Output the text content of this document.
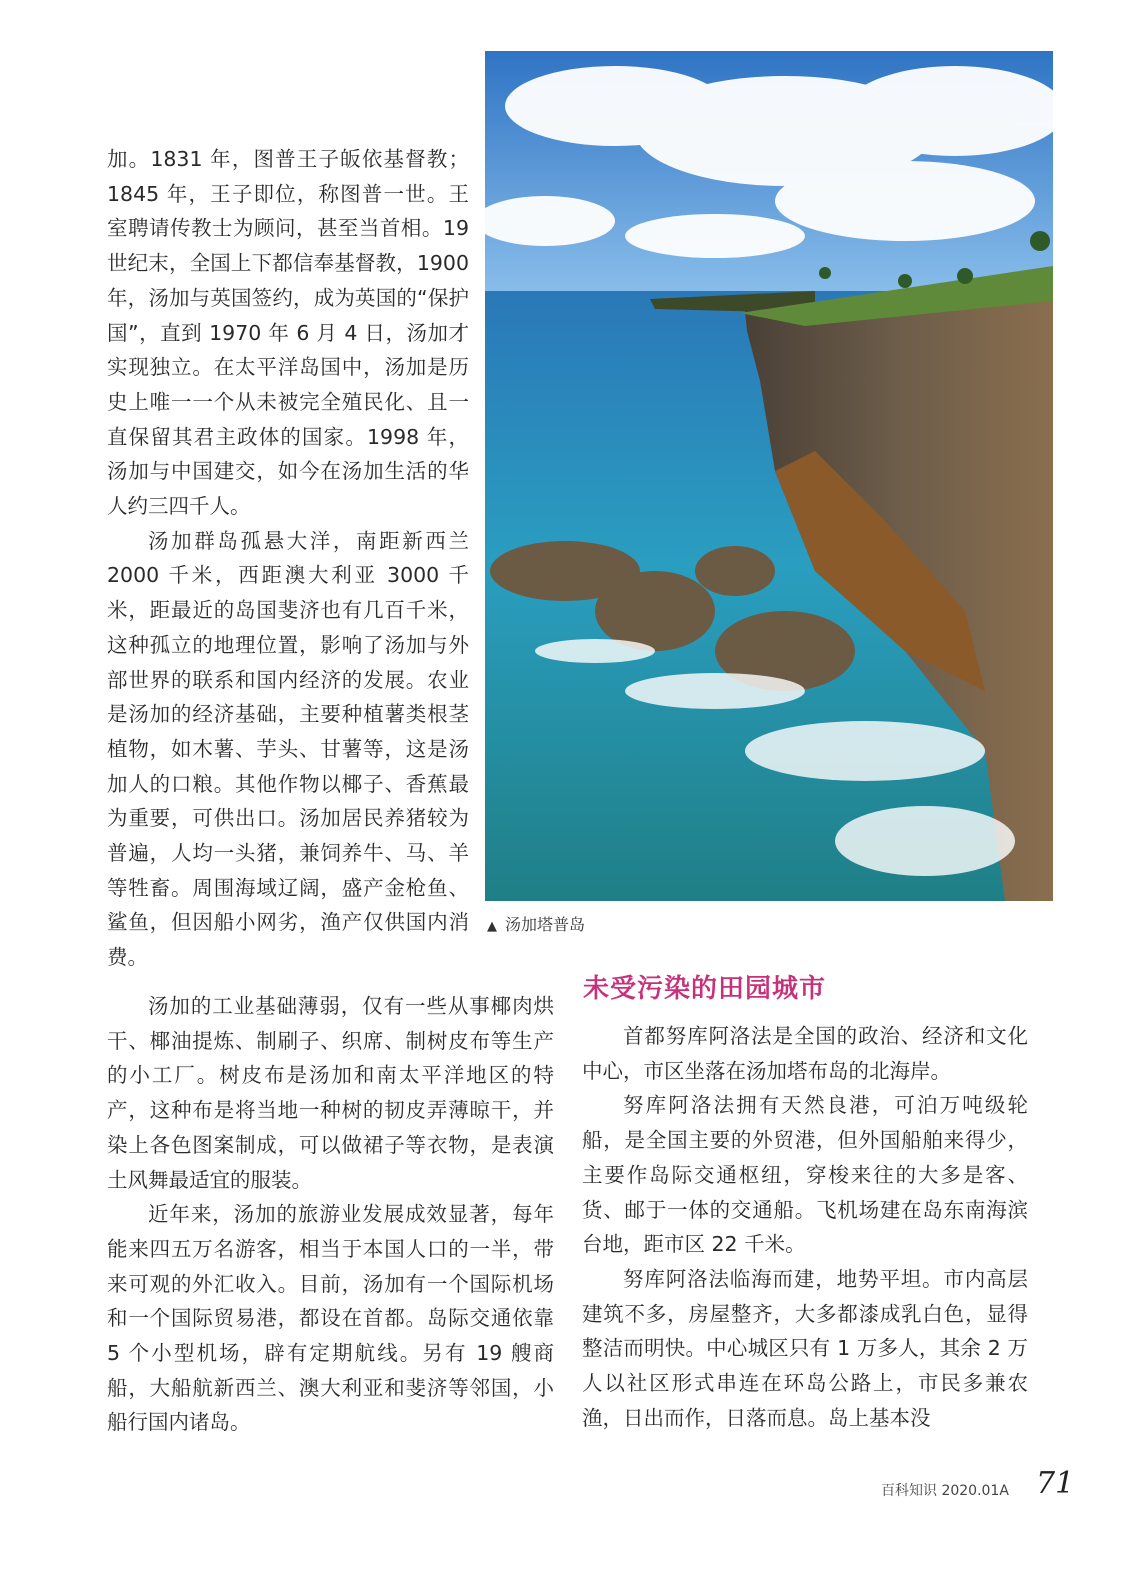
加。1831 年，图普王子皈依基督教；1845 年，王子即位，称图普一世。王室聘请传教士为顾问，甚至当首相。19 世纪末，全国上下都信奉基督教，1900 年，汤加与英国签约，成为英国的“保护国”，直到 1970 年 6 月 4 日，汤加才实现独立。在太平洋岛国中，汤加是历史上唯一一个从未被完全殖民化、且一直保留其君主政体的国家。1998 年，汤加与中国建交，如今在汤加生活的华人约三四千人。

汤加群岛孤悬大洋，南距新西兰 2000 千米，西距澳大利亚 3000 千米，距最近的岛国斐济也有几百千米，这种孤立的地理位置，影响了汤加与外部世界的联系和国内经济的发展。农业是汤加的经济基础，主要种植薯类根茎植物，如木薯、芋头、甘薯等，这是汤加人的口粮。其他作物以椰子、香蕉最为重要，可供出口。汤加居民养猪较为普遍，人均一头猪，兼饲养牛、马、羊等牲畜。周围海域辽阔，盛产金枪鱼、鲨鱼，但因船小网劣，渔产仅供国内消费。

▲ 汤加塔普岛

汤加的工业基础薄弱，仅有一些从事椰肉烘干、椰油提炼、制刷子、织席、制树皮布等生产的小工厂。树皮布是汤加和南太平洋地区的特产，这种布是将当地一种树的韧皮弄薄晾干，并染上各色图案制成，可以做裙子等衣物，是表演土风舞最适宜的服装。

近年来，汤加的旅游业发展成效显著，每年能来四五万名游客，相当于本国人口的一半，带来可观的外汇收入。目前，汤加有一个国际机场和一个国际贸易港，都设在首都。岛际交通依靠 5 个小型机场，辟有定期航线。另有 19 艘商船，大船航新西兰、澳大利亚和斐济等邻国，小船行国内诸岛。

未受污染的田园城市

首都努库阿洛法是全国的政治、经济和文化中心，市区坐落在汤加塔布岛的北海岸。

努库阿洛法拥有天然良港，可泊万吨级轮船，是全国主要的外贸港，但外国船舶来得少，主要作岛际交通枢纽，穿梭来往的大多是客、货、邮于一体的交通船。飞机场建在岛东南海滨台地，距市区 22 千米。

努库阿洛法临海而建，地势平坦。市内高层建筑不多，房屋整齐，大多都漆成乳白色，显得整洁而明快。中心城区只有 1 万多人，其余 2 万人以社区形式串连在环岛公路上，市民多兼农渔，日出而作，日落而息。岛上基本没

百科知识 2020.01A 71
